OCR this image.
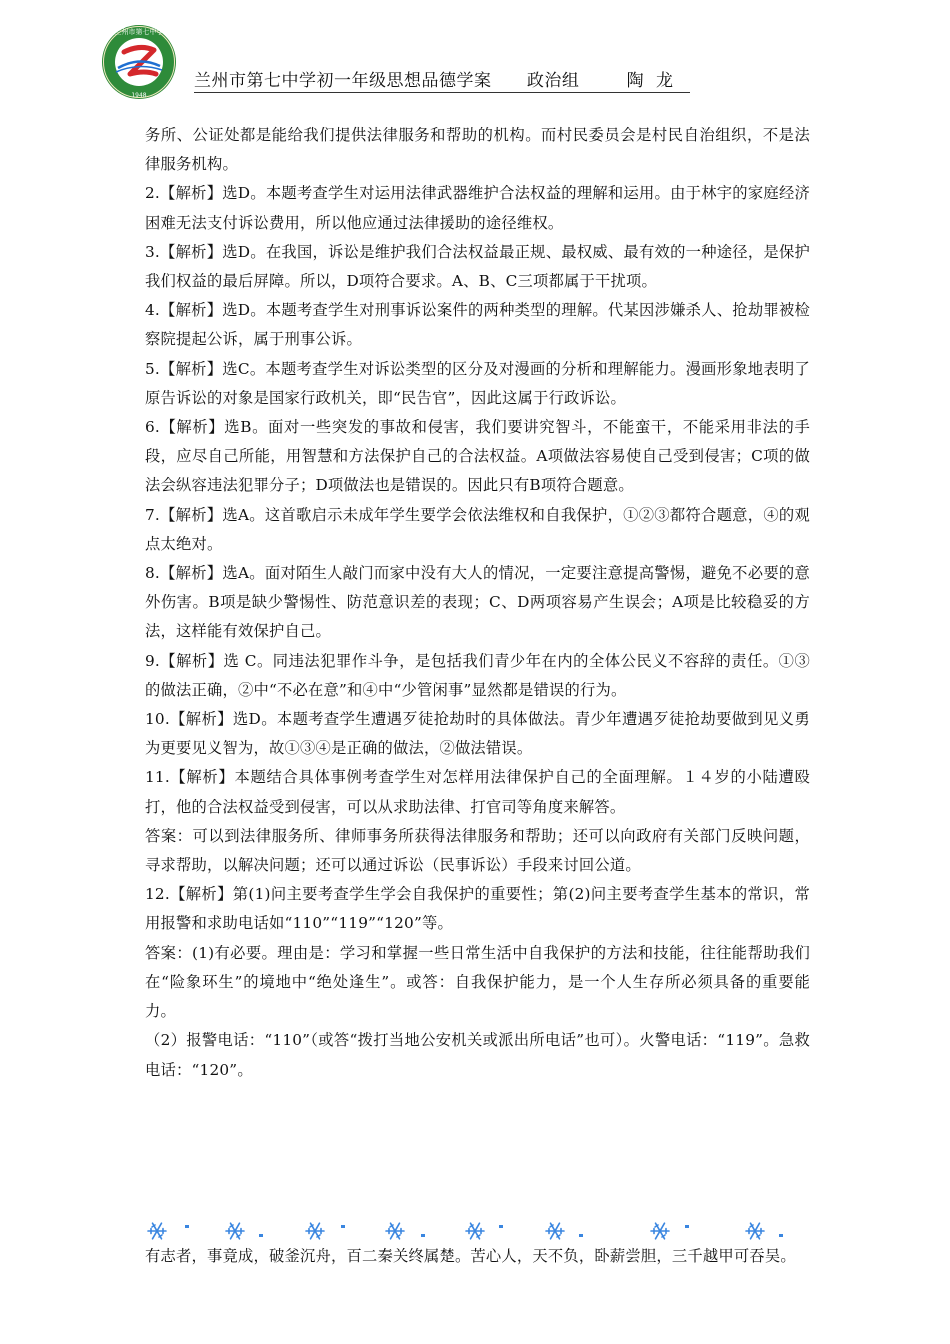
兰州市第七中学
1948
兰州市第七中学初一年级思想品德学案      政治组        陶  龙

务所、公证处都是能给我们提供法律服务和帮助的机构。而村民委员会是村民自治组织，不是法律服务机构。

2.【解析】选D。本题考查学生对运用法律武器维护合法权益的理解和运用。由于林宇的家庭经济困难无法支付诉讼费用，所以他应通过法律援助的途径维权。

3.【解析】选D。在我国，诉讼是维护我们合法权益最正规、最权威、最有效的一种途径，是保护我们权益的最后屏障。所以，D项符合要求。A、B、C三项都属于干扰项。

4.【解析】选D。本题考查学生对刑事诉讼案件的两种类型的理解。代某因涉嫌杀人、抢劫罪被检察院提起公诉，属于刑事公诉。

5.【解析】选C。本题考查学生对诉讼类型的区分及对漫画的分析和理解能力。漫画形象地表明了原告诉讼的对象是国家行政机关，即“民告官”，因此这属于行政诉讼。

6.【解析】选B。面对一些突发的事故和侵害，我们要讲究智斗，不能蛮干，不能采用非法的手段，应尽自己所能，用智慧和方法保护自己的合法权益。A项做法容易使自己受到侵害；C项的做法会纵容违法犯罪分子；D项做法也是错误的。因此只有B项符合题意。

7.【解析】选A。这首歌启示未成年学生要学会依法维权和自我保护，①②③都符合题意，④的观点太绝对。

8.【解析】选A。面对陌生人敲门而家中没有大人的情况，一定要注意提高警惕，避免不必要的意外伤害。B项是缺少警惕性、防范意识差的表现；C、D两项容易产生误会；A项是比较稳妥的方法，这样能有效保护自己。

9.【解析】选 C。同违法犯罪作斗争，是包括我们青少年在内的全体公民义不容辞的责任。①③的做法正确，②中“不必在意”和④中“少管闲事”显然都是错误的行为。

10.【解析】选D。本题考查学生遭遇歹徒抢劫时的具体做法。青少年遭遇歹徒抢劫要做到见义勇为更要见义智为，故①③④是正确的做法，②做法错误。

11.【解析】本题结合具体事例考查学生对怎样用法律保护自己的全面理解。１４岁的小陆遭殴打，他的合法权益受到侵害，可以从求助法律、打官司等角度来解答。

答案：可以到法律服务所、律师事务所获得法律服务和帮助；还可以向政府有关部门反映问题，寻求帮助，以解决问题；还可以通过诉讼（民事诉讼）手段来讨回公道。

12.【解析】第(1)问主要考查学生学会自我保护的重要性；第(2)问主要考查学生基本的常识，常用报警和求助电话如“110”“119”“120”等。

答案：(1)有必要。理由是：学习和掌握一些日常生活中自我保护的方法和技能，往往能帮助我们在“险象环生”的境地中“绝处逢生”。或答：自我保护能力，是一个人生存所必须具备的重要能力。

（2）报警电话：“110”（或答“拨打当地公安机关或派出所电话”也可）。火警电话：“119”。急救电话：“120”。

有志者，事竟成，破釜沉舟，百二秦关终属楚。苦心人，天不负，卧薪尝胆，三千越甲可吞吴。
